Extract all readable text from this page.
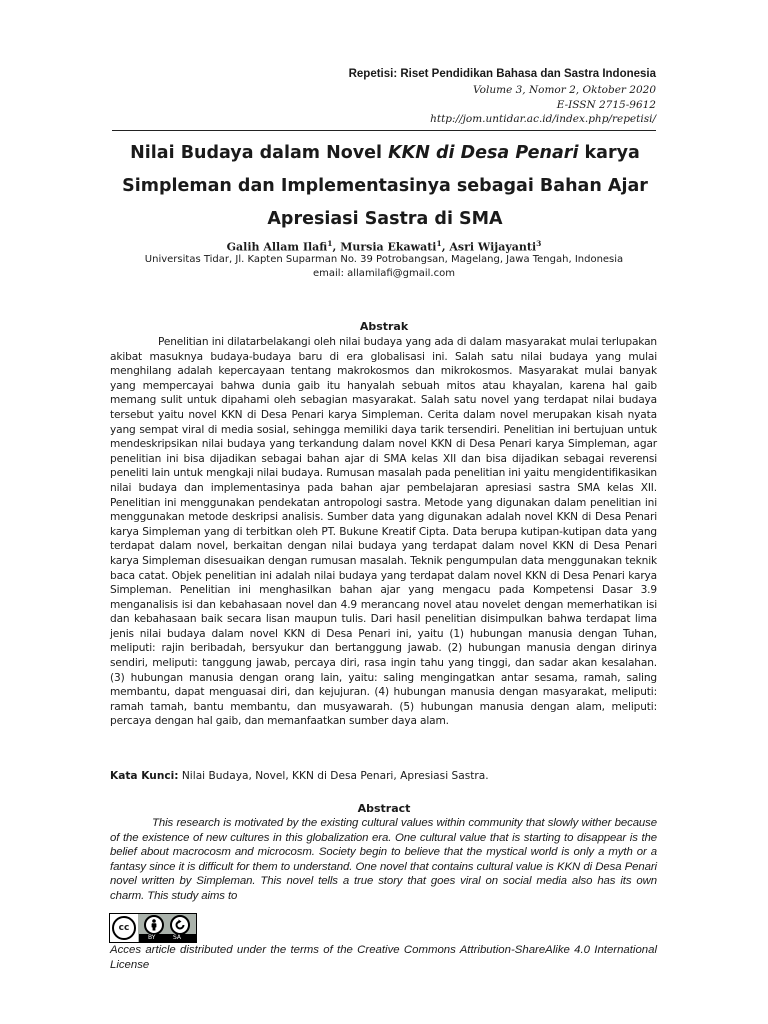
Repetisi: Riset Pendidikan Bahasa dan Sastra Indonesia
Volume 3, Nomor 2, Oktober 2020
E-ISSN 2715-9612
http://jom.untidar.ac.id/index.php/repetisi/
Nilai Budaya dalam Novel KKN di Desa Penari karya
Simpleman dan Implementasinya sebagai Bahan Ajar
Apresiasi Sastra di SMA
Galih Allam Ilafi$^1$, Mursia Ekawati$^1$, Asri Wijayanti$^3$
Universitas Tidar, Jl. Kapten Suparman No. 39 Potrobangsan, Magelang, Jawa Tengah, Indonesia
email: allamilafi@gmail.com
Abstrak
Penelitian ini dilatarbelakangi oleh nilai budaya yang ada di dalam masyarakat mulai terlupakan akibat masuknya budaya-budaya baru di era globalisasi ini. Salah satu nilai budaya yang mulai menghilang adalah kepercayaan tentang makrokosmos dan mikrokosmos. Masyarakat mulai banyak yang mempercayai bahwa dunia gaib itu hanyalah sebuah mitos atau khayalan, karena hal gaib memang sulit untuk dipahami oleh sebagian masyarakat. Salah satu novel yang terdapat nilai budaya tersebut yaitu novel KKN di Desa Penari karya Simpleman. Cerita dalam novel merupakan kisah nyata yang sempat viral di media sosial, sehingga memiliki daya tarik tersendiri. Penelitian ini bertujuan untuk mendeskripsikan nilai budaya yang terkandung dalam novel KKN di Desa Penari karya Simpleman, agar penelitian ini bisa dijadikan sebagai bahan ajar di SMA kelas XII dan bisa dijadikan sebagai reverensi peneliti lain untuk mengkaji nilai budaya. Rumusan masalah pada penelitian ini yaitu mengidentifikasikan nilai budaya dan implementasinya pada bahan ajar pembelajaran apresiasi sastra SMA kelas XII. Penelitian ini menggunakan pendekatan antropologi sastra. Metode yang digunakan dalam penelitian ini menggunakan metode deskripsi analisis. Sumber data yang digunakan adalah novel KKN di Desa Penari karya Simpleman yang di terbitkan oleh PT. Bukune Kreatif Cipta. Data berupa kutipan-kutipan data yang terdapat dalam novel, berkaitan dengan nilai budaya yang terdapat dalam novel KKN di Desa Penari karya Simpleman disesuaikan dengan rumusan masalah. Teknik pengumpulan data menggunakan teknik baca catat. Objek penelitian ini adalah nilai budaya yang terdapat dalam novel KKN di Desa Penari karya Simpleman. Penelitian ini menghasilkan bahan ajar yang mengacu pada Kompetensi Dasar 3.9 menganalisis isi dan kebahasaan novel dan 4.9 merancang novel atau novelet dengan memerhatikan isi dan kebahasaan baik secara lisan maupun tulis. Dari hasil penelitian disimpulkan bahwa terdapat lima jenis nilai budaya dalam novel KKN di Desa Penari ini, yaitu (1) hubungan manusia dengan Tuhan, meliputi: rajin beribadah, bersyukur dan bertanggung jawab. (2) hubungan manusia dengan dirinya sendiri, meliputi: tanggung jawab, percaya diri, rasa ingin tahu yang tinggi, dan sadar akan kesalahan. (3) hubungan manusia dengan orang lain, yaitu: saling mengingatkan antar sesama, ramah, saling membantu, dapat menguasai diri, dan kejujuran. (4) hubungan manusia dengan masyarakat, meliputi: ramah tamah, bantu membantu, dan musyawarah. (5) hubungan manusia dengan alam, meliputi: percaya dengan hal gaib, dan memanfaatkan sumber daya alam.
Kata Kunci: Nilai Budaya, Novel, KKN di Desa Penari, Apresiasi Sastra.
Abstract
This research is motivated by the existing cultural values within community that slowly wither because of the existence of new cultures in this globalization era. One cultural value that is starting to disappear is the belief about macrocosm and microcosm. Society begin to believe that the mystical world is only a myth or a fantasy since it is difficult for them to understand. One novel that contains cultural value is KKN di Desa Penari novel written by Simpleman. This novel tells a true story that goes viral on social media also has its own charm. This study aims to
cc
BY	SA
Acces article distributed under the terms of the Creative Commons Attribution-ShareAlike 4.0 International License
